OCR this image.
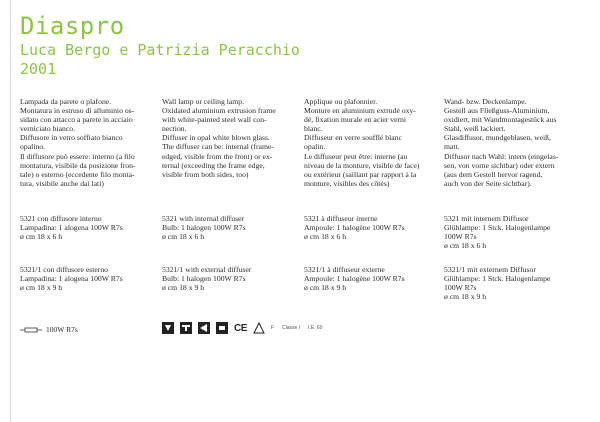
Diaspro
Luca Bergo e Patrizia Peracchio
2001

Lampada da parete o plafone.

Montatura in estruso di alluminio os-

sidato con attacco a parete in acciaio

verniciato bianco.

Diffusore in vetro soffiato bianco

opalino.

Il diffusore può essere: interno (a filo

montatura, visibile da posizione fron-

tale) o esterno (eccedente filo monta-

tura, visibile anche dai lati)

5321 con diffusore interno
Lampadina: 1 alogena 100W R7s
ø cm 18 x 6 h
5321/1 con diffusore esterno
Lampadina: 1 alogena 100W R7s
ø cm 18 x 9 h

Wall lamp or ceiling lamp.

Oxidated aluminium extrusion frame

with white-painted steel wall con-

nection.

Diffuser in opal white blown glass.

The diffuser can be: internal (frame-

edged, visible from the front) or ex-

ternal (exceeding the frame edge,

visible from both sides, too)

5321 with internal diffuser
Bulb: 1 halogen 100W R7s
ø cm 18 x 6 h
5321/1 with external diffuser
Bulb: 1 halogen 100W R7s
ø cm 18 x 9 h

Applique ou plafonnier.

Monture en aluminium extrudé oxy-

dé, fixation murale en acier verni

blanc.

Diffuseur en verre soufflé blanc

opalin.

Le diffuseur peut être: interne (au

niveau de la monture, visible de face)

ou extérieur (saillant par rapport à la

monture, visibles des côtés)

5321 à diffuseur interne
Ampoule: 1 halogène 100W R7s
ø cm 18 x 6 h
5321/1 à diffuseur externe
Ampoule: 1 halogène 100W R7s
ø cm 18 x 9 h

Wand- bzw. Deckenlampe.

Gestell aus Fließguss-Aluminium,

oxidiert, mit Wandmontagestück aus

Stahl, weiß lackiert.

Glasdiffusor, mundgeblasen, weiß,

matt.

Diffusor nach Wahl: intern (eingelas-

sen, von vorne sichtbar) oder extern

(aus dem Gestell hervor ragend,

auch von der Seite sichtbar).

5321 mit internem Diffusor
Glühlampe: 1 Stck. Halogenlampe
100W R7s
ø cm 18 x 6 h
5321/1 mit externem Diffusor
Glühlampe: 1 Stck. Halogenlampe
100W R7s
ø cm 18 x 9 h
100W R7s	CE	F Classe I I.E. 60
